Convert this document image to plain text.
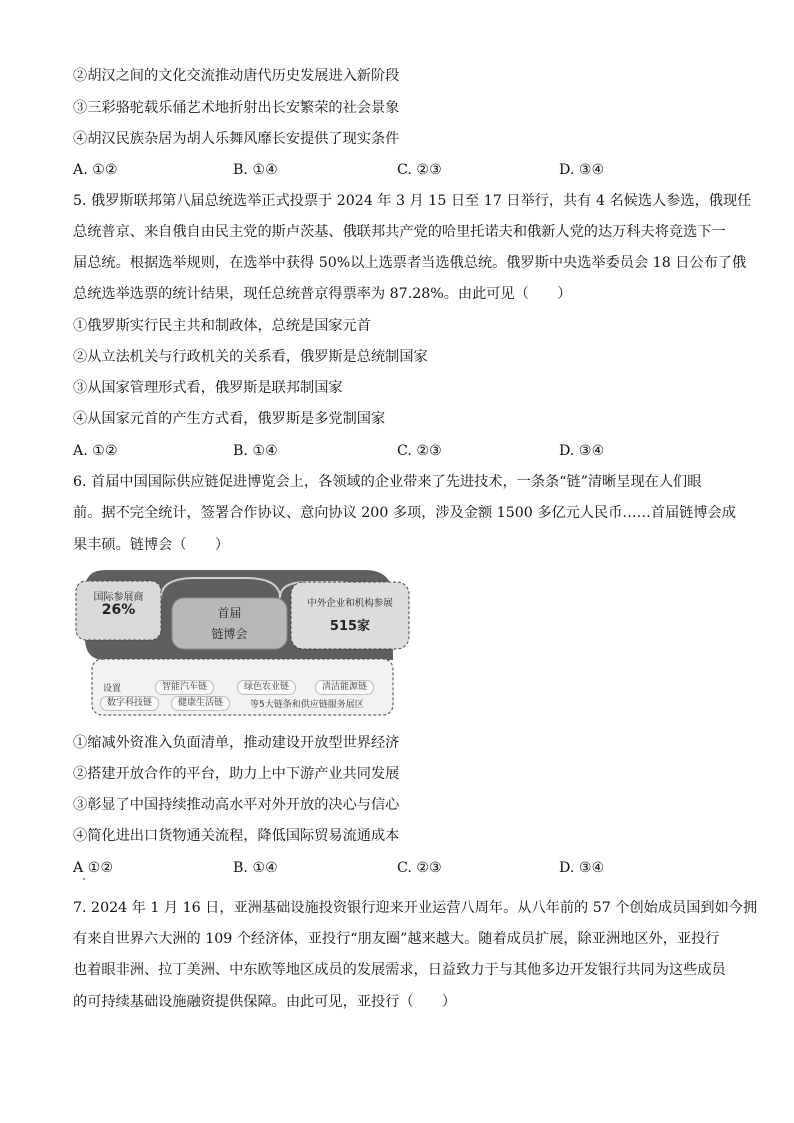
②胡汉之间的文化交流推动唐代历史发展进入新阶段
③三彩骆驼载乐俑艺术地折射出长安繁荣的社会景象
④胡汉民族杂居为胡人乐舞风靡长安提供了现实条件
A. ①②	B. ①④	C. ②③	D. ③④
5. 俄罗斯联邦第八届总统选举正式投票于 2024 年 3 月 15 日至 17 日举行，共有 4 名候选人参选，俄现任
总统普京、来自俄自由民主党的斯卢茨基、俄联邦共产党的哈里托诺夫和俄新人党的达万科夫将竞选下一
届总统。根据选举规则，在选举中获得 50%以上选票者当选俄总统。俄罗斯中央选举委员会 18 日公布了俄
总统选举选票的统计结果，现任总统普京得票率为 87.28%。由此可见（　　）
①俄罗斯实行民主共和制政体，总统是国家元首
②从立法机关与行政机关的关系看，俄罗斯是总统制国家
③从国家管理形式看，俄罗斯是联邦制国家
④从国家元首的产生方式看，俄罗斯是多党制国家
A. ①②	B. ①④	C. ②③	D. ③④
6. 首届中国国际供应链促进博览会上，各领域的企业带来了先进技术，一条条“链”清晰呈现在人们眼
前。据不完全统计，签署合作协议、意向协议 200 多项，涉及金额 1500 多亿元人民币……首届链博会成
果丰硕。链博会（　　）
国际参展商
26%	首届
链博会
中外企业和机构参展
515家
设置	智能汽车链	绿色农业链	清洁能源链
数字科技链	健康生活链	等5大链条和供应链服务展区
①缩减外资准入负面清单，推动建设开放型世界经济
②搭建开放合作的平台，助力上中下游产业共同发展
③彰显了中国持续推动高水平对外开放的决心与信心
④简化进出口货物通关流程，降低国际贸易流通成本
A ①②	B. ①④	C. ②③	D. ③④
7. 2024 年 1 月 16 日，亚洲基础设施投资银行迎来开业运营八周年。从八年前的 57 个创始成员国到如今拥
有来自世界六大洲的 109 个经济体，亚投行“朋友圈”越来越大。随着成员扩展，除亚洲地区外，亚投行
也着眼非洲、拉丁美洲、中东欧等地区成员的发展需求，日益致力于与其他多边开发银行共同为这些成员
的可持续基础设施融资提供保障。由此可见，亚投行（　　）
